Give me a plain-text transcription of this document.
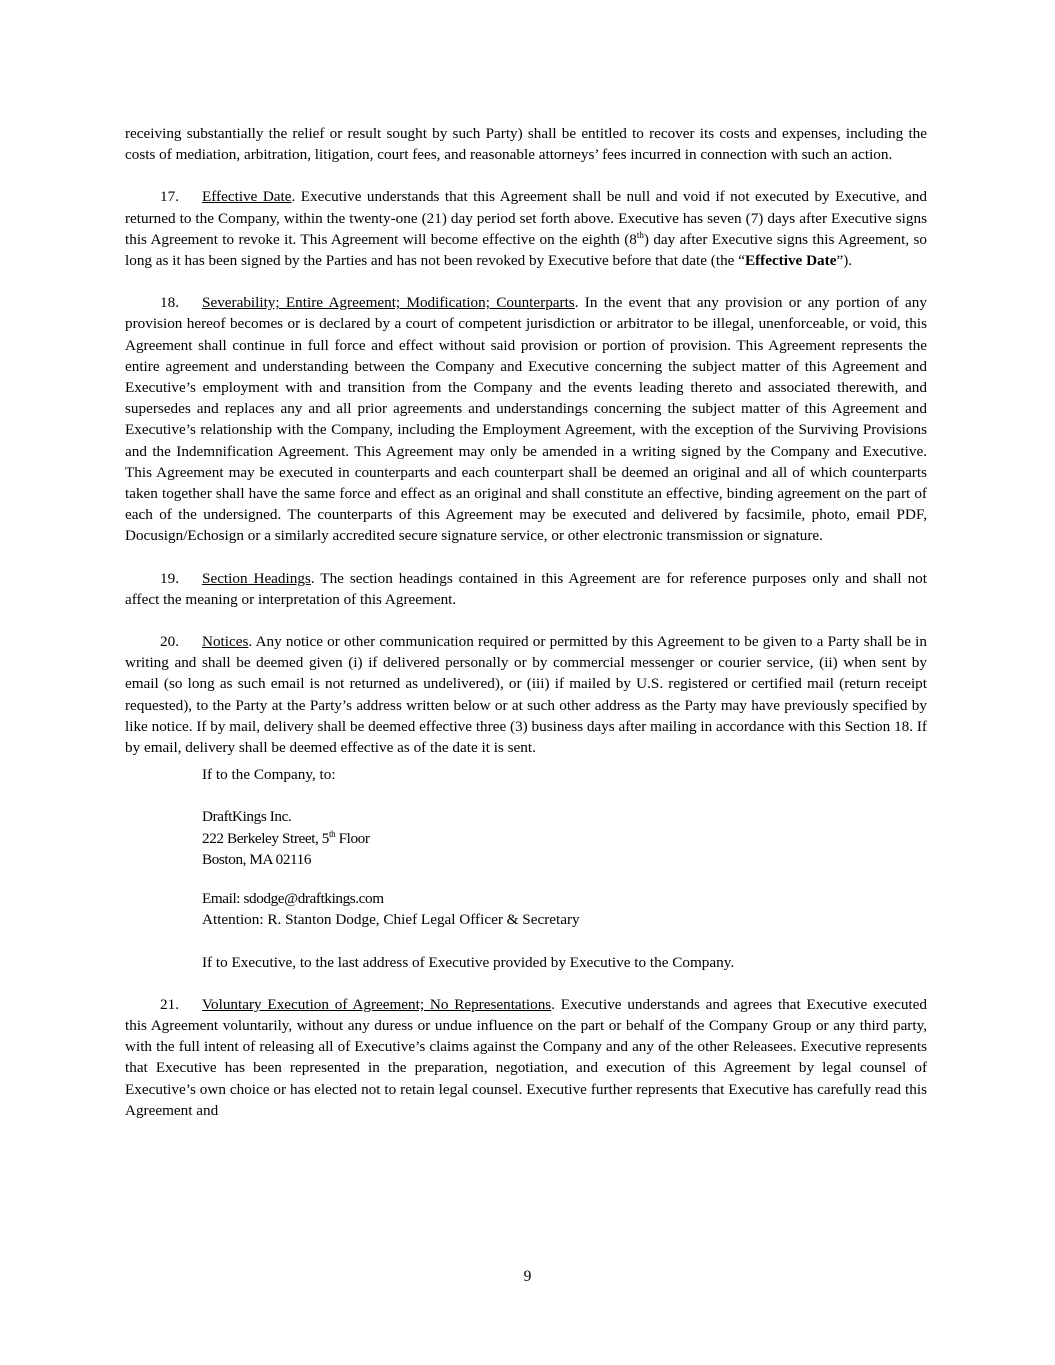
receiving substantially the relief or result sought by such Party) shall be entitled to recover its costs and expenses, including the costs of mediation, arbitration, litigation, court fees, and reasonable attorneys’ fees incurred in connection with such an action.

17. Effective Date. Executive understands that this Agreement shall be null and void if not executed by Executive, and returned to the Company, within the twenty-one (21) day period set forth above. Executive has seven (7) days after Executive signs this Agreement to revoke it. This Agreement will become effective on the eighth (8th) day after Executive signs this Agreement, so long as it has been signed by the Parties and has not been revoked by Executive before that date (the “Effective Date”).

18. Severability; Entire Agreement; Modification; Counterparts. In the event that any provision or any portion of any provision hereof becomes or is declared by a court of competent jurisdiction or arbitrator to be illegal, unenforceable, or void, this Agreement shall continue in full force and effect without said provision or portion of provision. This Agreement represents the entire agreement and understanding between the Company and Executive concerning the subject matter of this Agreement and Executive’s employment with and transition from the Company and the events leading thereto and associated therewith, and supersedes and replaces any and all prior agreements and understandings concerning the subject matter of this Agreement and Executive’s relationship with the Company, including the Employment Agreement, with the exception of the Surviving Provisions and the Indemnification Agreement. This Agreement may only be amended in a writing signed by the Company and Executive. This Agreement may be executed in counterparts and each counterpart shall be deemed an original and all of which counterparts taken together shall have the same force and effect as an original and shall constitute an effective, binding agreement on the part of each of the undersigned. The counterparts of this Agreement may be executed and delivered by facsimile, photo, email PDF, Docusign/Echosign or a similarly accredited secure signature service, or other electronic transmission or signature.

19. Section Headings. The section headings contained in this Agreement are for reference purposes only and shall not affect the meaning or interpretation of this Agreement.

20. Notices. Any notice or other communication required or permitted by this Agreement to be given to a Party shall be in writing and shall be deemed given (i) if delivered personally or by commercial messenger or courier service, (ii) when sent by email (so long as such email is not returned as undelivered), or (iii) if mailed by U.S. registered or certified mail (return receipt requested), to the Party at the Party’s address written below or at such other address as the Party may have previously specified by like notice. If by mail, delivery shall be deemed effective three (3) business days after mailing in accordance with this Section 18. If by email, delivery shall be deemed effective as of the date it is sent.

If to the Company, to:

DraftKings Inc.

222 Berkeley Street, 5th Floor

Boston, MA 02116

Email: sdodge@draftkings.com

Attention: R. Stanton Dodge, Chief Legal Officer & Secretary

If to Executive, to the last address of Executive provided by Executive to the Company.

21. Voluntary Execution of Agreement; No Representations. Executive understands and agrees that Executive executed this Agreement voluntarily, without any duress or undue influence on the part or behalf of the Company Group or any third party, with the full intent of releasing all of Executive’s claims against the Company and any of the other Releasees. Executive represents that Executive has been represented in the preparation, negotiation, and execution of this Agreement by legal counsel of Executive’s own choice or has elected not to retain legal counsel. Executive further represents that Executive has carefully read this Agreement and

9
